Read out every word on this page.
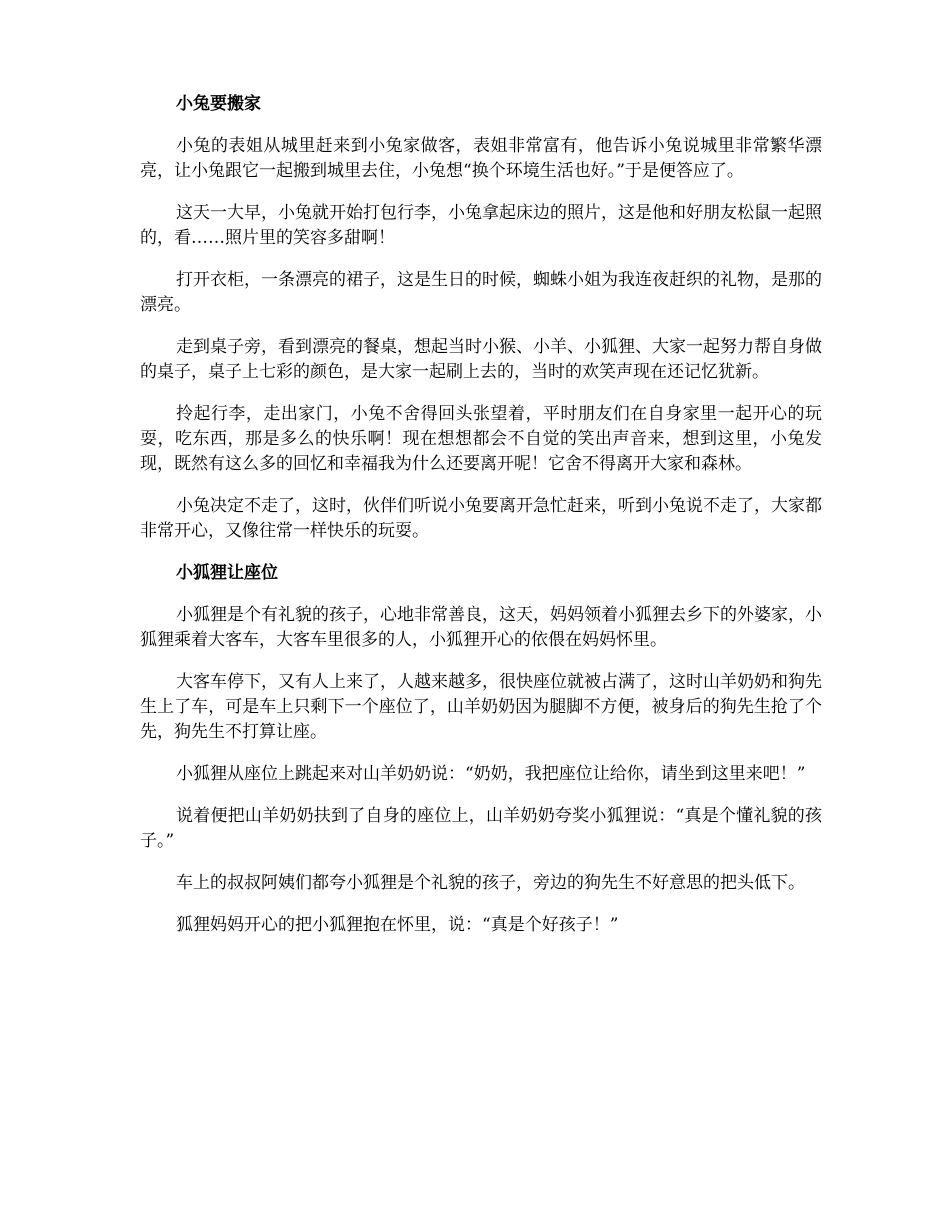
小兔要搬家

小兔的表姐从城里赶来到小兔家做客，表姐非常富有，他告诉小兔说城里非常繁华漂亮，让小兔跟它一起搬到城里去住，小兔想“换个环境生活也好。”于是便答应了。

这天一大早，小兔就开始打包行李，小兔拿起床边的照片，这是他和好朋友松鼠一起照的，看……照片里的笑容多甜啊！

打开衣柜，一条漂亮的裙子，这是生日的时候，蜘蛛小姐为我连夜赶织的礼物，是那的漂亮。

走到桌子旁，看到漂亮的餐桌，想起当时小猴、小羊、小狐狸、大家一起努力帮自身做的桌子，桌子上七彩的颜色，是大家一起刷上去的，当时的欢笑声现在还记忆犹新。

拎起行李，走出家门，小兔不舍得回头张望着，平时朋友们在自身家里一起开心的玩耍，吃东西，那是多么的快乐啊！现在想想都会不自觉的笑出声音来，想到这里，小兔发现，既然有这么多的回忆和幸福我为什么还要离开呢！它舍不得离开大家和森林。

小兔决定不走了，这时，伙伴们听说小兔要离开急忙赶来，听到小兔说不走了，大家都非常开心，又像往常一样快乐的玩耍。

小狐狸让座位

小狐狸是个有礼貌的孩子，心地非常善良，这天，妈妈领着小狐狸去乡下的外婆家，小狐狸乘着大客车，大客车里很多的人，小狐狸开心的依偎在妈妈怀里。

大客车停下，又有人上来了，人越来越多，很快座位就被占满了，这时山羊奶奶和狗先生上了车，可是车上只剩下一个座位了，山羊奶奶因为腿脚不方便，被身后的狗先生抢了个先，狗先生不打算让座。

小狐狸从座位上跳起来对山羊奶奶说：“奶奶，我把座位让给你，请坐到这里来吧！”

说着便把山羊奶奶扶到了自身的座位上，山羊奶奶夸奖小狐狸说：“真是个懂礼貌的孩子。”

车上的叔叔阿姨们都夸小狐狸是个礼貌的孩子，旁边的狗先生不好意思的把头低下。

狐狸妈妈开心的把小狐狸抱在怀里，说：“真是个好孩子！”
